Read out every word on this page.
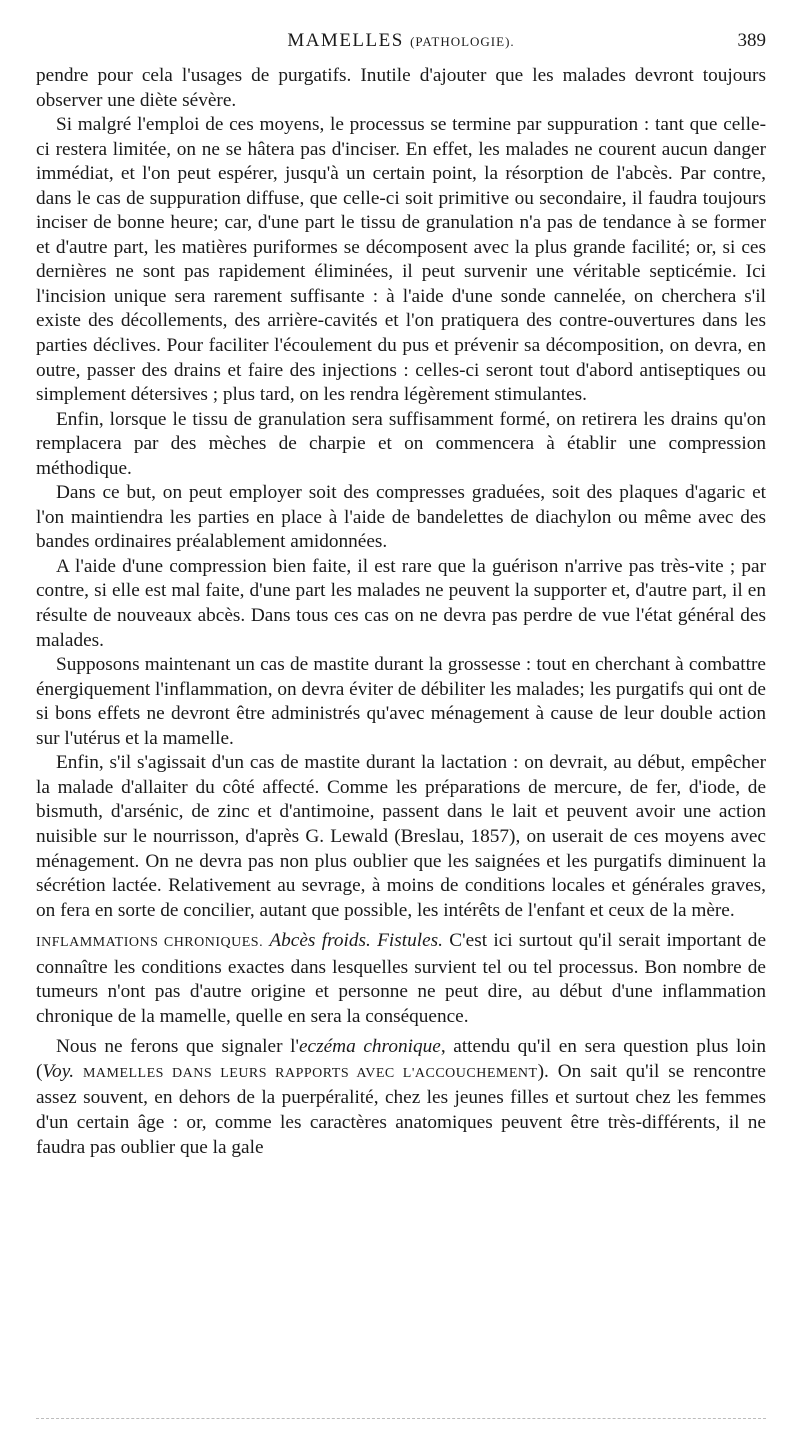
MAMELLES (PATHOLOGIE).	389

pendre pour cela l'usages de purgatifs. Inutile d'ajouter que les malades devront toujours observer une diète sévère.

Si malgré l'emploi de ces moyens, le processus se termine par suppuration : tant que celle-ci restera limitée, on ne se hâtera pas d'inciser. En effet, les malades ne courent aucun danger immédiat, et l'on peut espérer, jusqu'à un certain point, la résorption de l'abcès. Par contre, dans le cas de suppuration diffuse, que celle-ci soit primitive ou secondaire, il faudra toujours inciser de bonne heure; car, d'une part le tissu de granulation n'a pas de tendance à se former et d'autre part, les matières puriformes se décomposent avec la plus grande facilité; or, si ces dernières ne sont pas rapidement éliminées, il peut survenir une véritable septicémie. Ici l'incision unique sera rarement suffisante : à l'aide d'une sonde cannelée, on cherchera s'il existe des décollements, des arrière-cavités et l'on pratiquera des contre-ouvertures dans les parties déclives. Pour faciliter l'écoulement du pus et prévenir sa décomposition, on devra, en outre, passer des drains et faire des injections : celles-ci seront tout d'abord antiseptiques ou simplement détersives ; plus tard, on les rendra légèrement stimulantes.

Enfin, lorsque le tissu de granulation sera suffisamment formé, on retirera les drains qu'on remplacera par des mèches de charpie et on commencera à établir une compression méthodique.

Dans ce but, on peut employer soit des compresses graduées, soit des plaques d'agaric et l'on maintiendra les parties en place à l'aide de bandelettes de diachylon ou même avec des bandes ordinaires préalablement amidonnées.

A l'aide d'une compression bien faite, il est rare que la guérison n'arrive pas très-vite ; par contre, si elle est mal faite, d'une part les malades ne peuvent la supporter et, d'autre part, il en résulte de nouveaux abcès. Dans tous ces cas on ne devra pas perdre de vue l'état général des malades.

Supposons maintenant un cas de mastite durant la grossesse : tout en cherchant à combattre énergiquement l'inflammation, on devra éviter de débiliter les malades; les purgatifs qui ont de si bons effets ne devront être administrés qu'avec ménagement à cause de leur double action sur l'utérus et la mamelle.

Enfin, s'il s'agissait d'un cas de mastite durant la lactation : on devrait, au début, empêcher la malade d'allaiter du côté affecté. Comme les préparations de mercure, de fer, d'iode, de bismuth, d'arsénic, de zinc et d'antimoine, passent dans le lait et peuvent avoir une action nuisible sur le nourrisson, d'après G. Lewald (Breslau, 1857), on userait de ces moyens avec ménagement. On ne devra pas non plus oublier que les saignées et les purgatifs diminuent la sécrétion lactée. Relativement au sevrage, à moins de conditions locales et générales graves, on fera en sorte de concilier, autant que possible, les intérêts de l'enfant et ceux de la mère.

INFLAMMATIONS CHRONIQUES. Abcès froids. Fistules. C'est ici surtout qu'il serait important de connaître les conditions exactes dans lesquelles survient tel ou tel processus. Bon nombre de tumeurs n'ont pas d'autre origine et personne ne peut dire, au début d'une inflammation chronique de la mamelle, quelle en sera la conséquence.

Nous ne ferons que signaler l'eczéma chronique, attendu qu'il en sera question plus loin (Voy. MAMELLES DANS LEURS RAPPORTS AVEC L'ACCOUCHEMENT). On sait qu'il se rencontre assez souvent, en dehors de la puerpéralité, chez les jeunes filles et surtout chez les femmes d'un certain âge : or, comme les caractères anatomiques peuvent être très-différents, il ne faudra pas oublier que la gale
